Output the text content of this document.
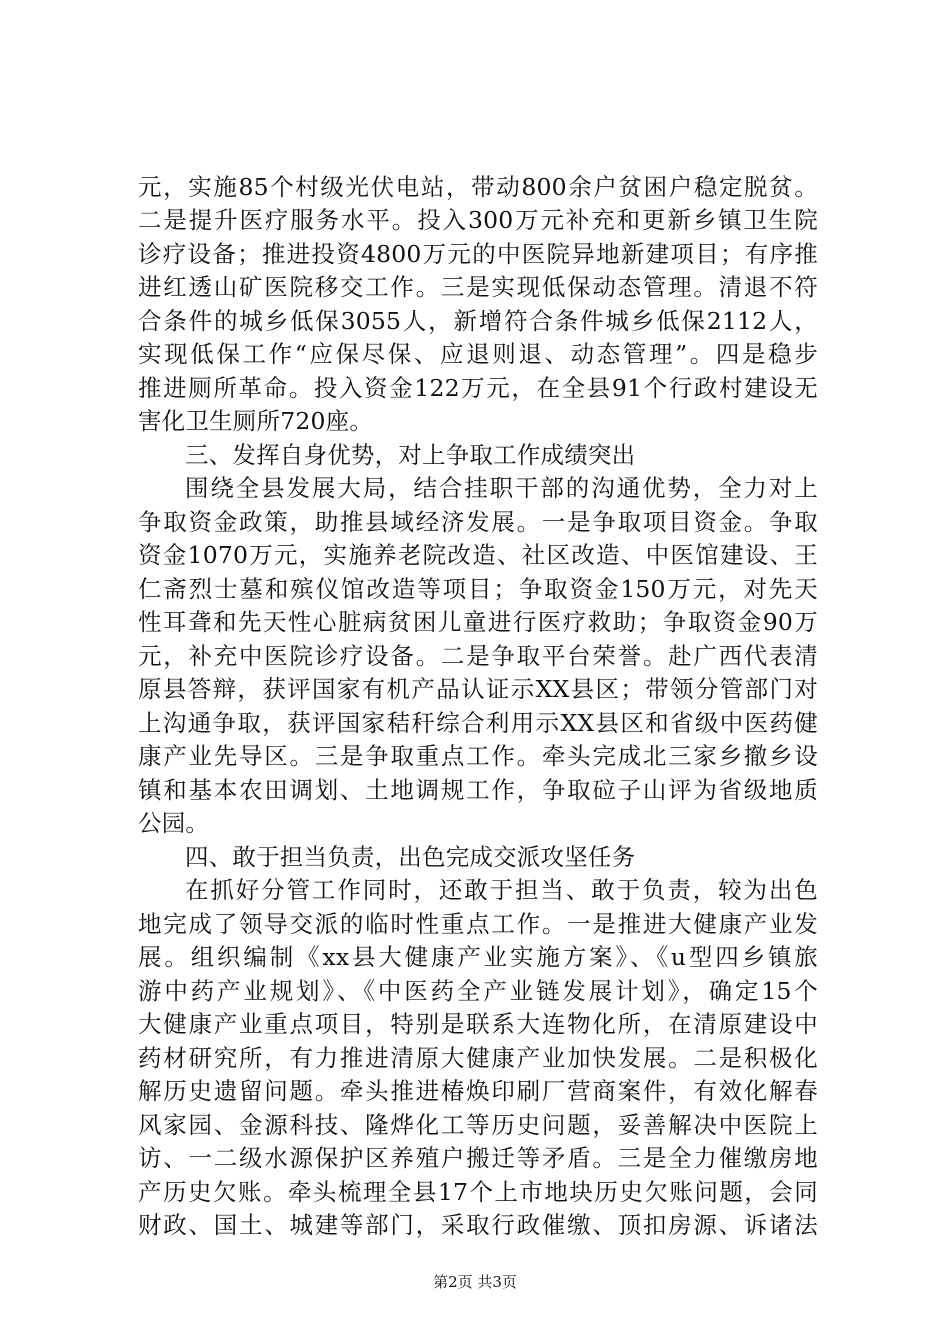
元，实施85个村级光伏电站，带动800余户贫困户稳定脱贫。
二是提升医疗服务水平。投入300万元补充和更新乡镇卫生院
诊疗设备；推进投资4800万元的中医院异地新建项目；有序推
进红透山矿医院移交工作。三是实现低保动态管理。清退不符
合条件的城乡低保3055人，新增符合条件城乡低保2112人，
实现低保工作“应保尽保、应退则退、动态管理”。四是稳步
推进厕所革命。投入资金122万元，在全县91个行政村建设无
害化卫生厕所720座。
三、发挥自身优势，对上争取工作成绩突出
围绕全县发展大局，结合挂职干部的沟通优势，全力对上
争取资金政策，助推县域经济发展。一是争取项目资金。争取
资金1070万元，实施养老院改造、社区改造、中医馆建设、王
仁斋烈士墓和殡仪馆改造等项目；争取资金150万元，对先天
性耳聋和先天性心脏病贫困儿童进行医疗救助；争取资金90万
元，补充中医院诊疗设备。二是争取平台荣誉。赴广西代表清
原县答辩，获评国家有机产品认证示XX县区；带领分管部门对
上沟通争取，获评国家秸秆综合利用示XX县区和省级中医药健
康产业先导区。三是争取重点工作。牵头完成北三家乡撤乡设
镇和基本农田调划、土地调规工作，争取砬子山评为省级地质
公园。
四、敢于担当负责，出色完成交派攻坚任务
在抓好分管工作同时，还敢于担当、敢于负责，较为出色
地完成了领导交派的临时性重点工作。一是推进大健康产业发
展。组织编制《xx县大健康产业实施方案》、《u型四乡镇旅
游中药产业规划》、《中医药全产业链发展计划》，确定15个
大健康产业重点项目，特别是联系大连物化所，在清原建设中
药材研究所，有力推进清原大健康产业加快发展。二是积极化
解历史遗留问题。牵头推进椿焕印刷厂营商案件，有效化解春
风家园、金源科技、隆烨化工等历史问题，妥善解决中医院上
访、一二级水源保护区养殖户搬迁等矛盾。三是全力催缴房地
产历史欠账。牵头梳理全县17个上市地块历史欠账问题，会同
财政、国土、城建等部门，采取行政催缴、顶扣房源、诉诸法
第2页 共3页
